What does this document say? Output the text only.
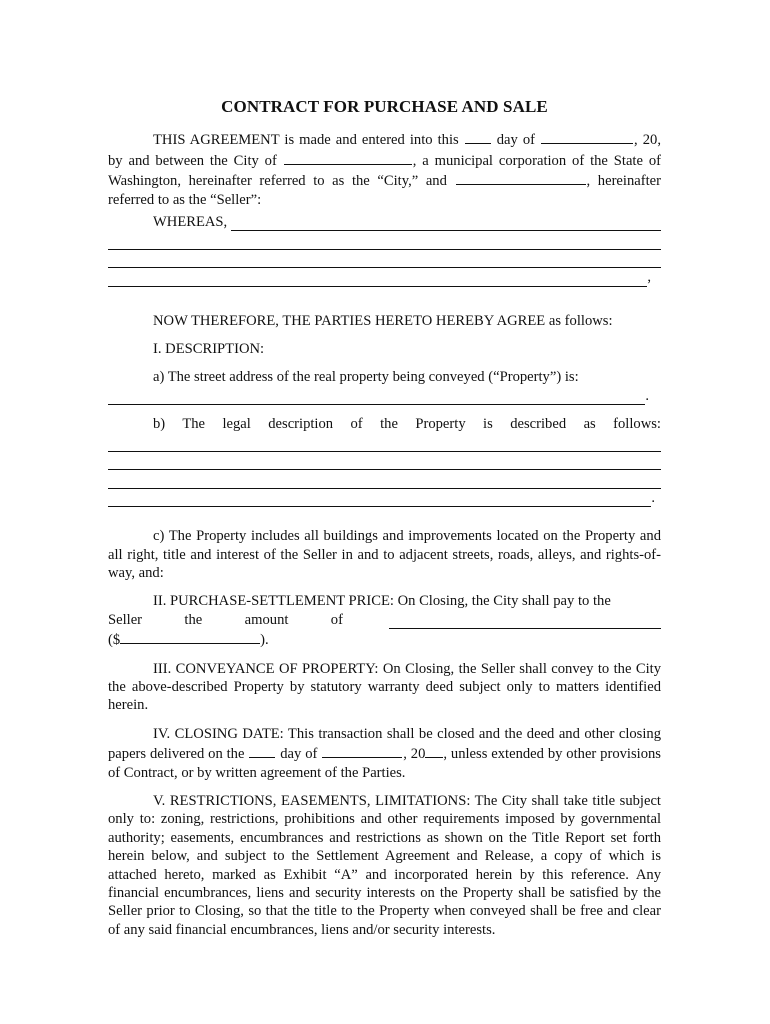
CONTRACT FOR PURCHASE AND SALE

THIS AGREEMENT is made and entered into this	day of	, 20, by and between the City of	, a municipal corporation of the State of Washington, hereinafter referred to as the “City,” and	, hereinafter referred to as the “Seller”:

WHEREAS,

,

NOW THEREFORE, THE PARTIES HERETO HEREBY AGREE as follows:

I. DESCRIPTION:

a) The street address of the real property being conveyed (“Property”) is:

.

b) The legal description of the Property is described as follows:

.

c) The Property includes all buildings and improvements located on the Property and all right, title and interest of the Seller in and to adjacent streets, roads, alleys, and rights-of-way, and:

II. PURCHASE-SETTLEMENT PRICE: On Closing, the City shall pay to the

Seller	the	amount	of
($	).

III. CONVEYANCE OF PROPERTY: On Closing, the Seller shall convey to the City the above-described Property by statutory warranty deed subject only to matters identified herein.

IV. CLOSING DATE: This transaction shall be closed and the deed and other closing papers delivered on the day of	, 20 , unless extended by other provisions of Contract, or by written agreement of the Parties.

V. RESTRICTIONS, EASEMENTS, LIMITATIONS: The City shall take title subject only to: zoning, restrictions, prohibitions and other requirements imposed by governmental authority; easements, encumbrances and restrictions as shown on the Title Report set forth herein below, and subject to the Settlement Agreement and Release, a copy of which is attached hereto, marked as Exhibit “A” and incorporated herein by this reference. Any financial encumbrances, liens and security interests on the Property shall be satisfied by the Seller prior to Closing, so that the title to the Property when conveyed shall be free and clear of any said financial encumbrances, liens and/or security interests.
